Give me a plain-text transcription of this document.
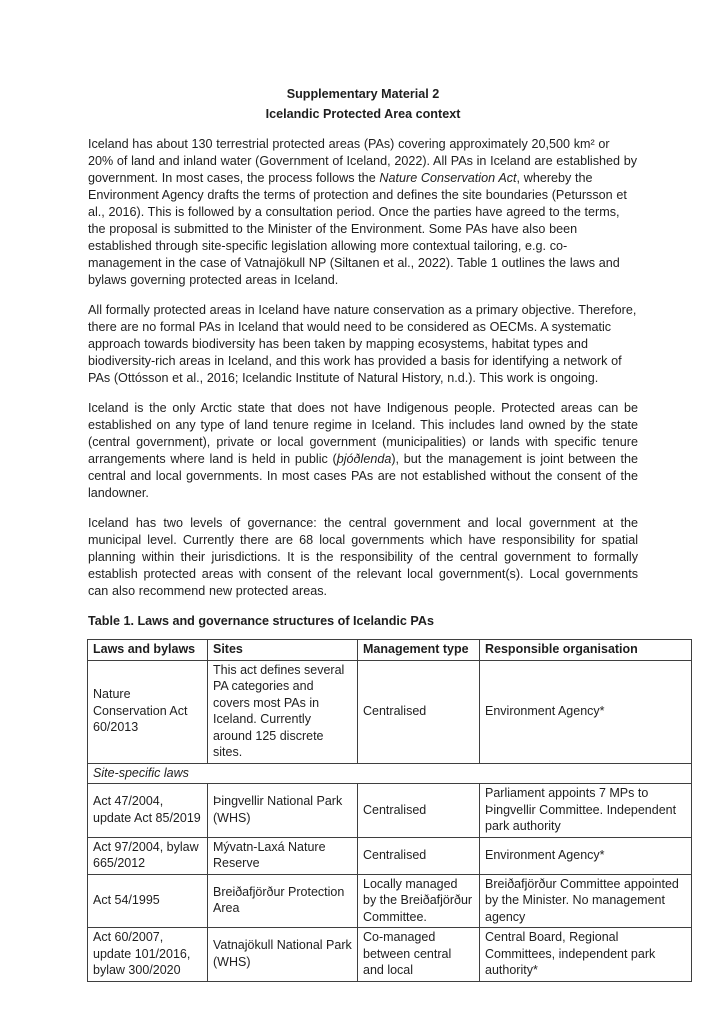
Supplementary Material 2
Icelandic Protected Area context

Iceland has about 130 terrestrial protected areas (PAs) covering approximately 20,500 km² or 20% of land and inland water (Government of Iceland, 2022). All PAs in Iceland are established by government. In most cases, the process follows the Nature Conservation Act, whereby the Environment Agency drafts the terms of protection and defines the site boundaries (Petursson et al., 2016). This is followed by a consultation period. Once the parties have agreed to the terms, the proposal is submitted to the Minister of the Environment. Some PAs have also been established through site-specific legislation allowing more contextual tailoring, e.g. co-management in the case of Vatnajökull NP (Siltanen et al., 2022). Table 1 outlines the laws and bylaws governing protected areas in Iceland.

All formally protected areas in Iceland have nature conservation as a primary objective. Therefore, there are no formal PAs in Iceland that would need to be considered as OECMs. A systematic approach towards biodiversity has been taken by mapping ecosystems, habitat types and biodiversity-rich areas in Iceland, and this work has provided a basis for identifying a network of PAs (Ottósson et al., 2016; Icelandic Institute of Natural History, n.d.). This work is ongoing.

Iceland is the only Arctic state that does not have Indigenous people. Protected areas can be established on any type of land tenure regime in Iceland. This includes land owned by the state (central government), private or local government (municipalities) or lands with specific tenure arrangements where land is held in public (þjóðlenda), but the management is joint between the central and local governments. In most cases PAs are not established without the consent of the landowner.

Iceland has two levels of governance: the central government and local government at the municipal level. Currently there are 68 local governments which have responsibility for spatial planning within their jurisdictions. It is the responsibility of the central government to formally establish protected areas with consent of the relevant local government(s). Local governments can also recommend new protected areas.

Table 1. Laws and governance structures of Icelandic PAs
Laws and bylaws	Sites	Management type	Responsible organisation
Nature Conservation Act 60/2013	This act defines several PA categories and covers most PAs in Iceland. Currently around 125 discrete sites.	Centralised	Environment Agency*
Site-specific laws			
Act 47/2004, update Act 85/2019	Þingvellir National Park (WHS)	Centralised	Parliament appoints 7 MPs to Þingvellir Committee. Independent park authority
Act 97/2004, bylaw 665/2012	Mývatn-Laxá Nature Reserve	Centralised	Environment Agency*
Act 54/1995	Breiðafjörður Protection Area	Locally managed by the Breiðafjörður Committee.	Breiðafjörður Committee appointed by the Minister. No management agency
Act 60/2007, update 101/2016, bylaw 300/2020	Vatnajökull National Park (WHS)	Co-managed between central and local	Central Board, Regional Committees, independent park authority*
